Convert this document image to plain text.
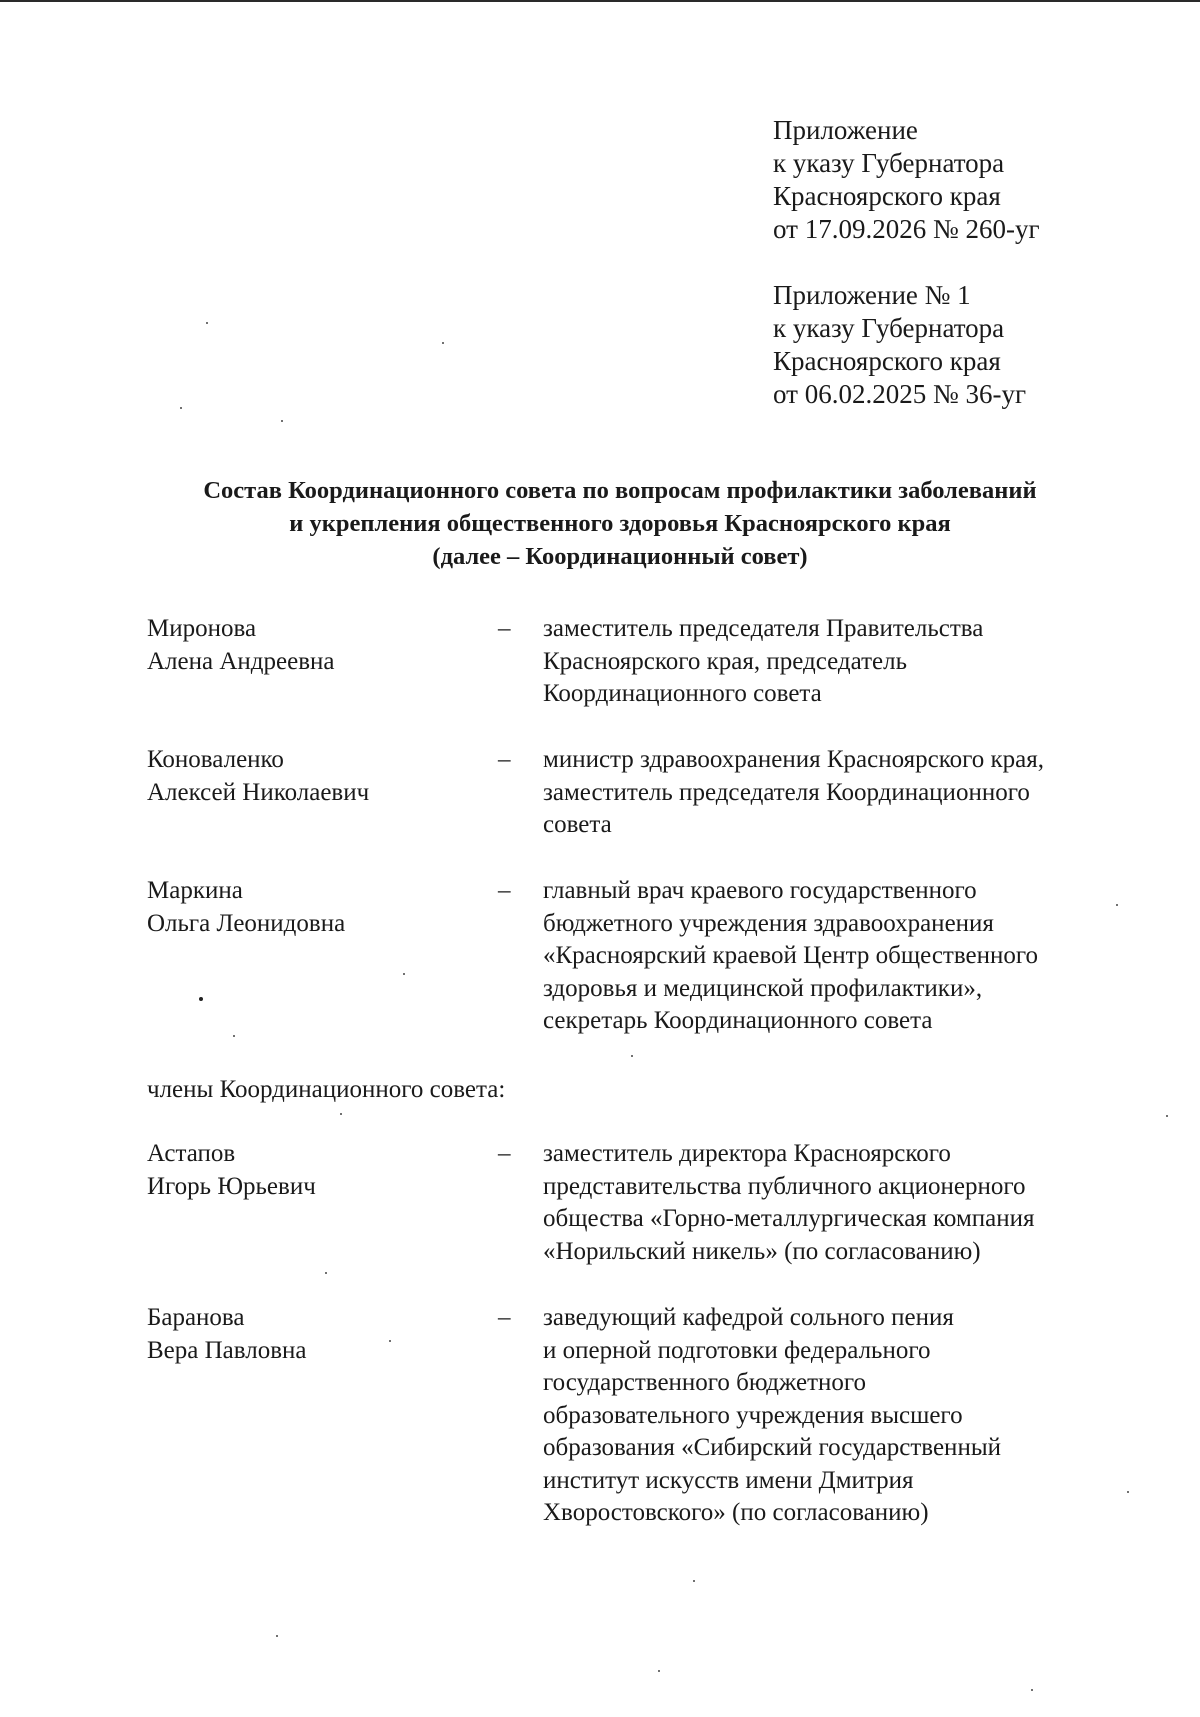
Приложение
к указу Губернатора
Красноярского края
от 17.09.2026 № 260-уг
Приложение № 1
к указу Губернатора
Красноярского края
от 06.02.2025 № 36-уг
Состав Координационного совета по вопросам профилактики заболеваний
и укрепления общественного здоровья Красноярского края
(далее – Координационный совет)
Миронова
Алена Андреевна
– заместитель председателя Правительства
Красноярского края, председатель
Координационного совета
Коноваленко
Алексей Николаевич
– министр здравоохранения Красноярского края,
заместитель председателя Координационного
совета
Маркина
Ольга Леонидовна
– главный врач краевого государственного
бюджетного учреждения здравоохранения
«Красноярский краевой Центр общественного
здоровья и медицинской профилактики»,
секретарь Координационного совета
члены Координационного совета:
Астапов
Игорь Юрьевич
– заместитель директора Красноярского
представительства публичного акционерного
общества «Горно-металлургическая компания
«Норильский никель» (по согласованию)
Баранова
Вера Павловна
– заведующий кафедрой сольного пения
и оперной подготовки федерального
государственного бюджетного
образовательного учреждения высшего
образования «Сибирский государственный
институт искусств имени Дмитрия
Хворостовского» (по согласованию)
